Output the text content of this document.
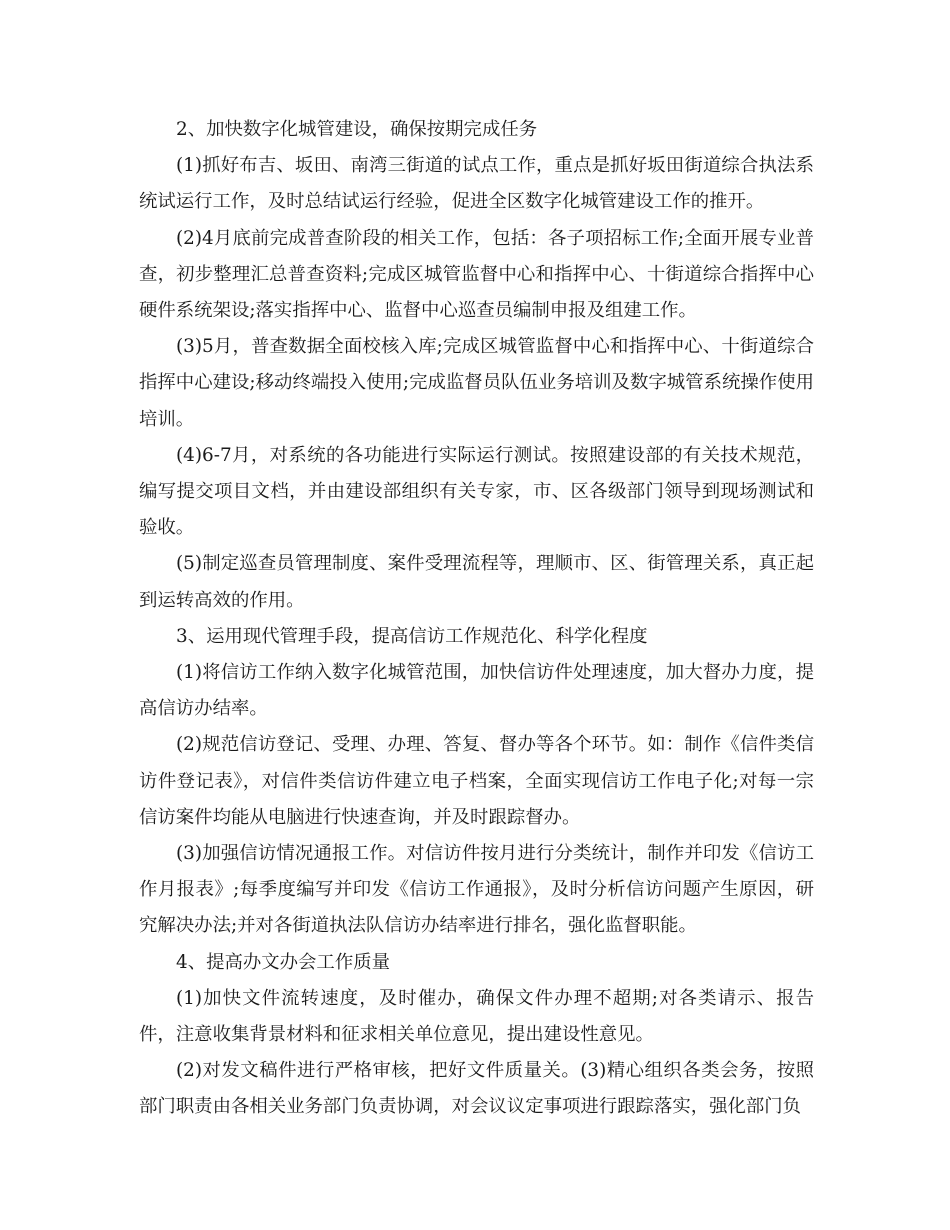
2、加快数字化城管建设，确保按期完成任务

(1)抓好布吉、坂田、南湾三街道的试点工作，重点是抓好坂田街道综合执法系统试运行工作，及时总结试运行经验，促进全区数字化城管建设工作的推开。

(2)4月底前完成普查阶段的相关工作，包括：各子项招标工作;全面开展专业普查，初步整理汇总普查资料;完成区城管监督中心和指挥中心、十街道综合指挥中心硬件系统架设;落实指挥中心、监督中心巡查员编制申报及组建工作。

(3)5月，普查数据全面校核入库;完成区城管监督中心和指挥中心、十街道综合指挥中心建设;移动终端投入使用;完成监督员队伍业务培训及数字城管系统操作使用培训。

(4)6-7月，对系统的各功能进行实际运行测试。按照建设部的有关技术规范，编写提交项目文档，并由建设部组织有关专家，市、区各级部门领导到现场测试和验收。

(5)制定巡查员管理制度、案件受理流程等，理顺市、区、街管理关系，真正起到运转高效的作用。

3、运用现代管理手段，提高信访工作规范化、科学化程度

(1)将信访工作纳入数字化城管范围，加快信访件处理速度，加大督办力度，提高信访办结率。

(2)规范信访登记、受理、办理、答复、督办等各个环节。如：制作《信件类信访件登记表》，对信件类信访件建立电子档案，全面实现信访工作电子化;对每一宗信访案件均能从电脑进行快速查询，并及时跟踪督办。

(3)加强信访情况通报工作。对信访件按月进行分类统计，制作并印发《信访工作月报表》;每季度编写并印发《信访工作通报》，及时分析信访问题产生原因，研究解决办法;并对各街道执法队信访办结率进行排名，强化监督职能。

4、提高办文办会工作质量

(1)加快文件流转速度，及时催办，确保文件办理不超期;对各类请示、报告件，注意收集背景材料和征求相关单位意见，提出建设性意见。

(2)对发文稿件进行严格审核，把好文件质量关。(3)精心组织各类会务，按照部门职责由各相关业务部门负责协调，对会议议定事项进行跟踪落实，强化部门负
